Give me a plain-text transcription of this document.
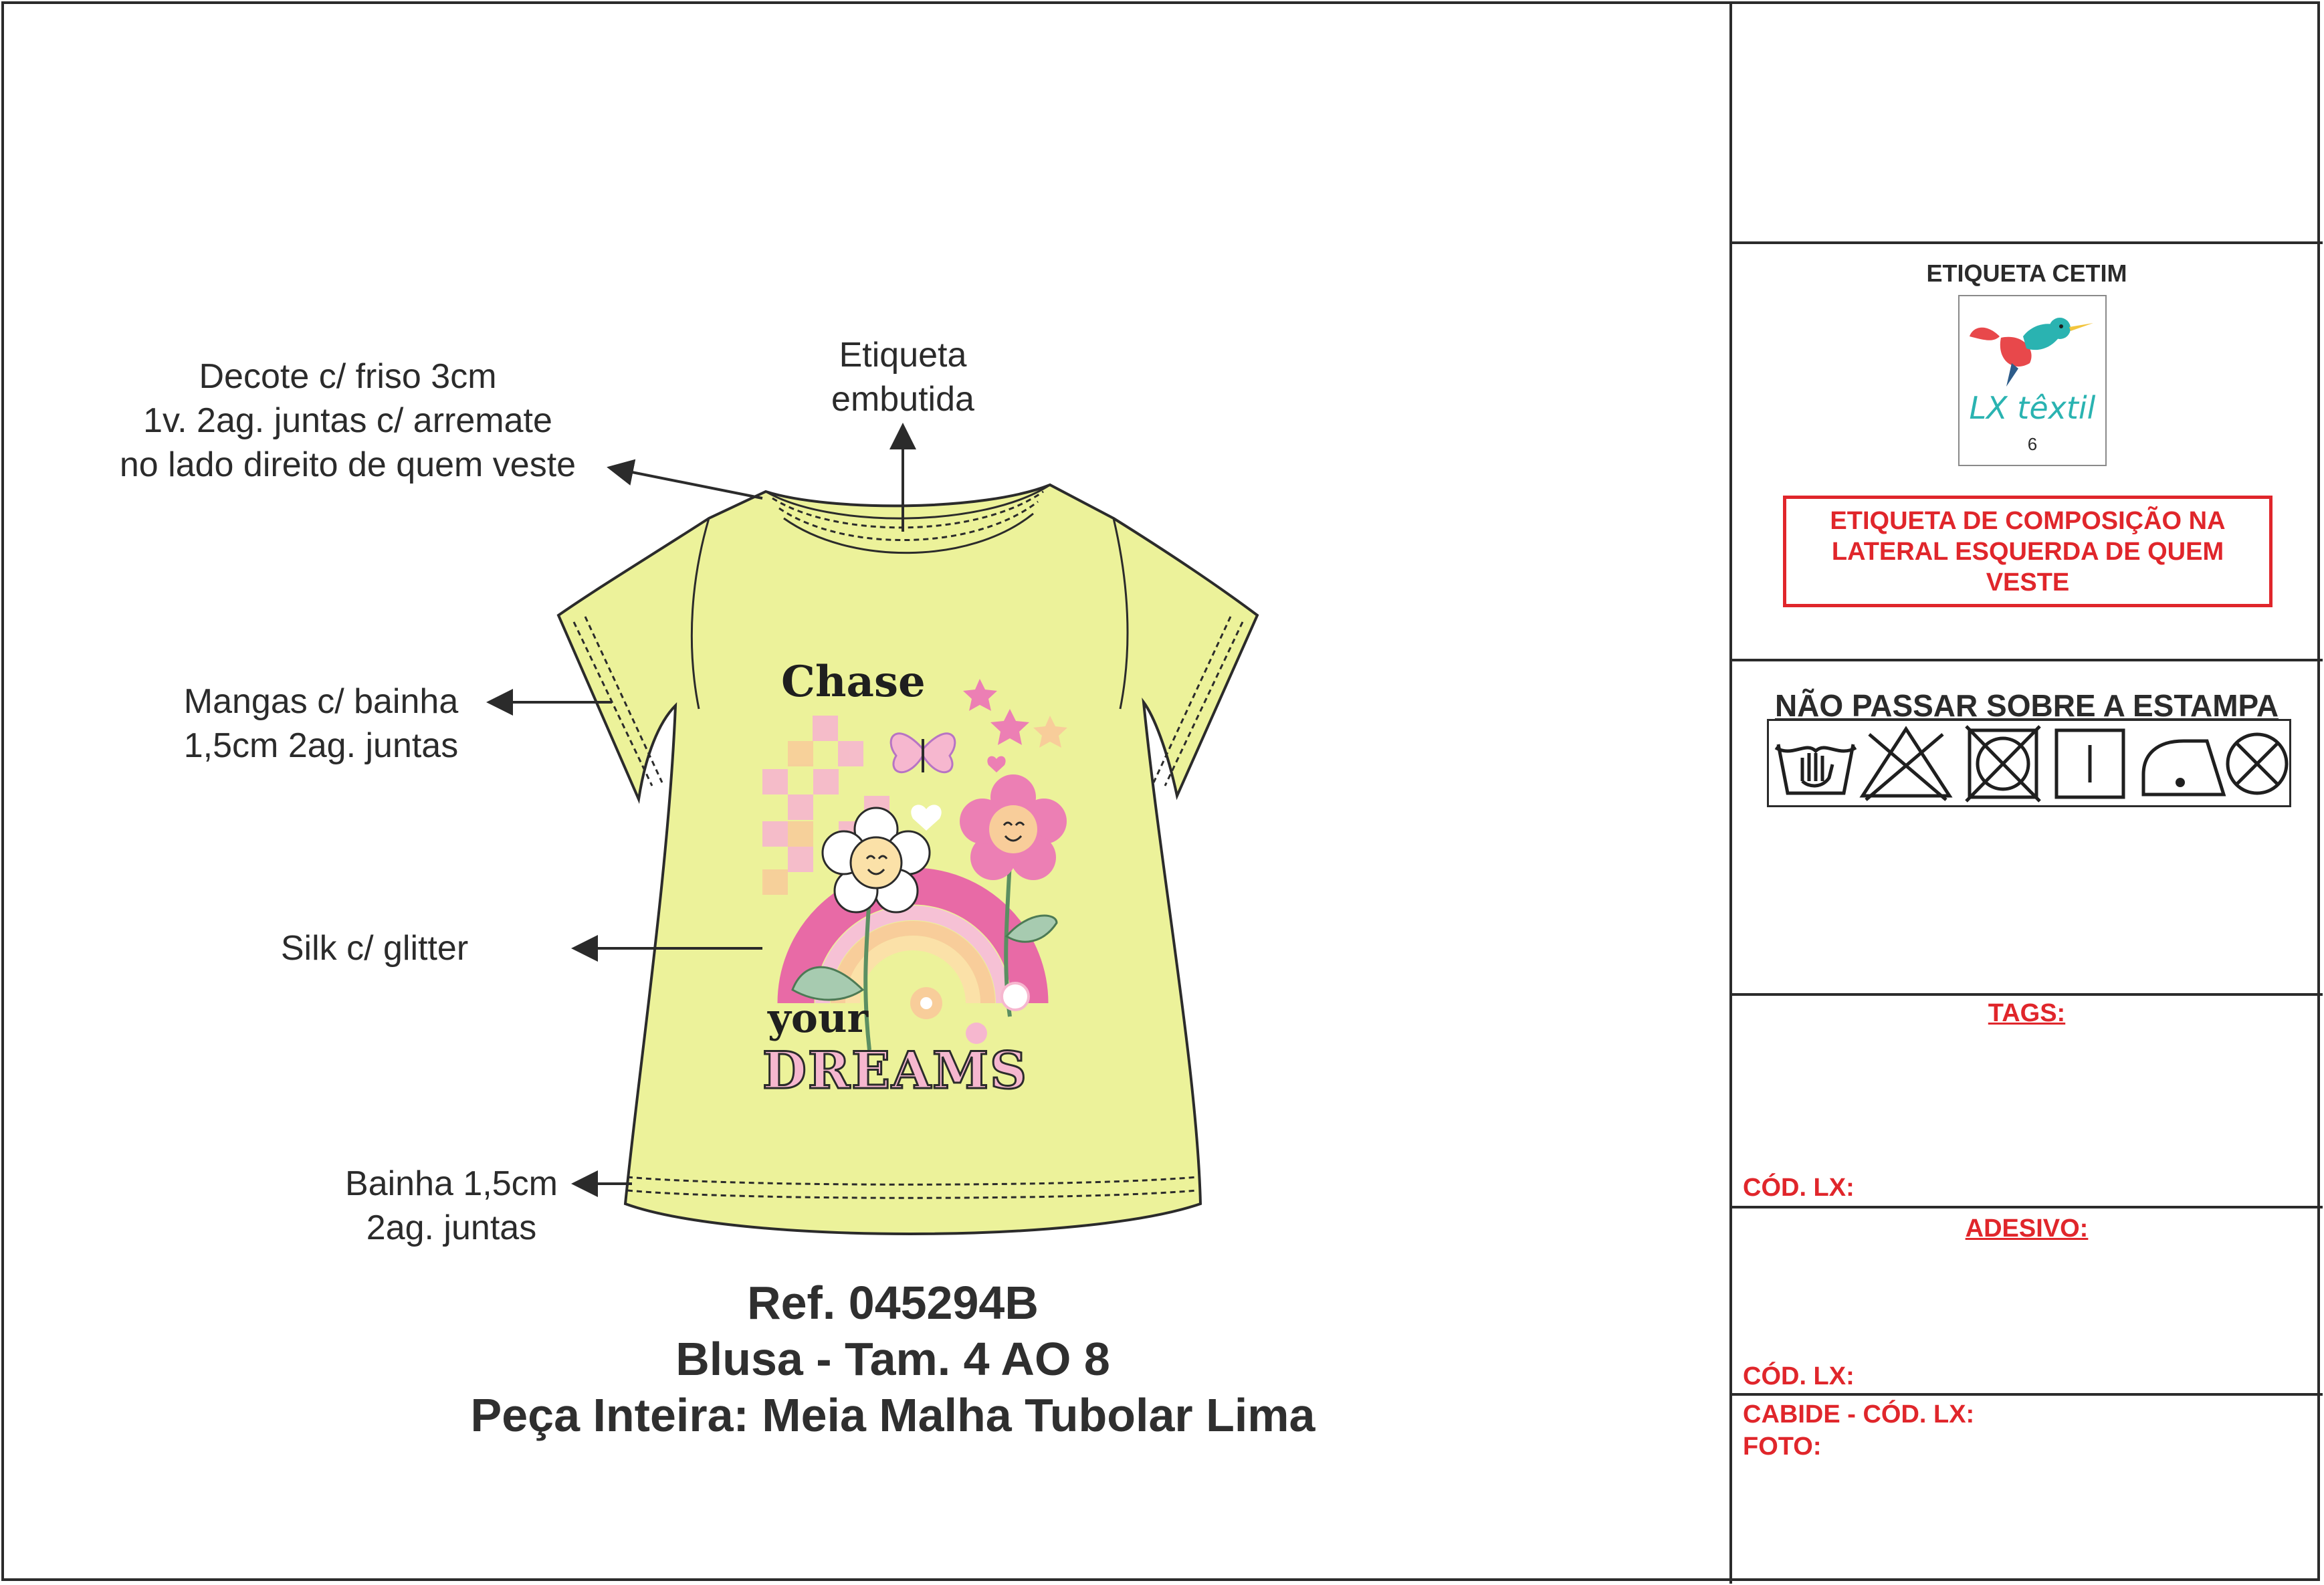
Chase
your
DREAMS
Decote c/ friso 3cm
1v. 2ag. juntas c/ arremate
no lado direito de quem veste
Etiqueta
embutida
Mangas c/ bainha
1,5cm 2ag. juntas
Silk c/ glitter
Bainha 1,5cm
2ag. juntas
Ref. 045294B
Blusa - Tam. 4 AO 8
Peça Inteira: Meia Malha Tubolar Lima
ETIQUETA CETIM
LX têxtil
6
ETIQUETA DE COMPOSIÇÃO NA LATERAL ESQUERDA DE QUEM VESTE
NÃO PASSAR SOBRE A ESTAMPA
TAGS:
CÓD. LX:
ADESIVO:
CÓD. LX:
CABIDE - CÓD. LX:
FOTO:
